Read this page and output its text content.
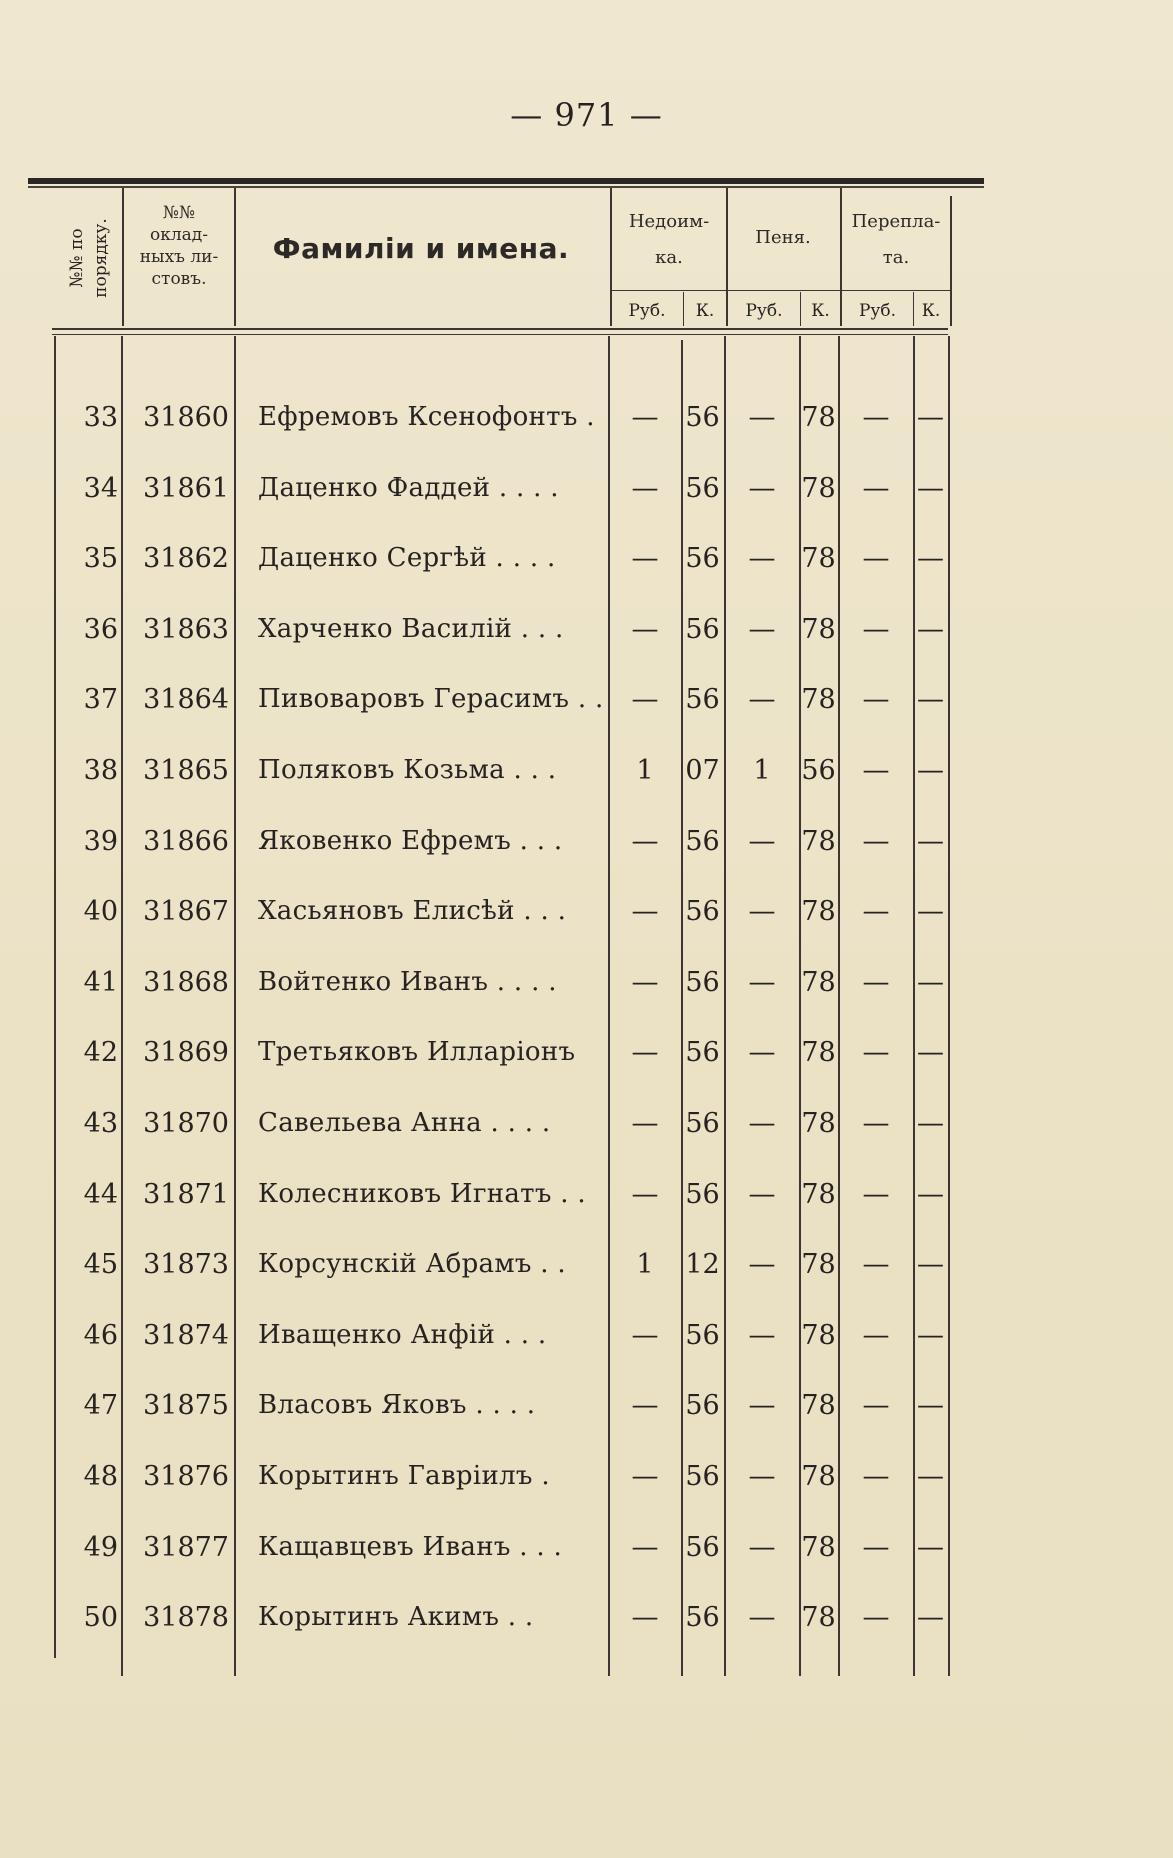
— 971 —
№№ по порядку.
№№
оклад-
ныхъ ли-
стовъ.
Фамиліи и имена.
Недоим-
ка.
Пеня.
Перепла-
та.
Руб.	К.	Руб.	К.	Руб.	К.
33 31860 Ефремовъ Ксенофонтъ .	— 56	— 78 —	—
34 31861 Даценко Фаддей . . . .	— 56	— 78 —	—
35 31862 Даценко Сергѣй . . . .	— 56	— 78 —	—
36 31863 Харченко Василій . . .	— 56	— 78 —	—
37 31864 Пивоваровъ Герасимъ . .	— 56	— 78 —	—
38 31865 Поляковъ Козьма . . .	1	07	1	56 —	—
39 31866 Яковенко Ефремъ . . .	— 56	— 78 —	—
40 31867 Хасьяновъ Елисѣй . . .	— 56	— 78 —	—
41 31868 Войтенко Иванъ . . . .	— 56	— 78 —	—
42 31869 Третьяковъ Илларіонъ	— 56	— 78 —	—
43 31870 Савельева Анна . . . .	— 56	— 78 —	—
44 31871 Колесниковъ Игнатъ . .	— 56	— 78 —	—
45 31873 Корсунскій Абрамъ . .	1	12	— 78 —	—
46 31874 Иващенко Анфій . . .	— 56	— 78 —	—
47 31875 Власовъ Яковъ . . . .	— 56	— 78 —	—
48 31876 Корытинъ Гавріилъ .	— 56	— 78 —	—
49 31877 Кащавцевъ Иванъ . . .	— 56	— 78 —	—
50 31878 Корытинъ Акимъ . .	— 56	— 78 —	—
